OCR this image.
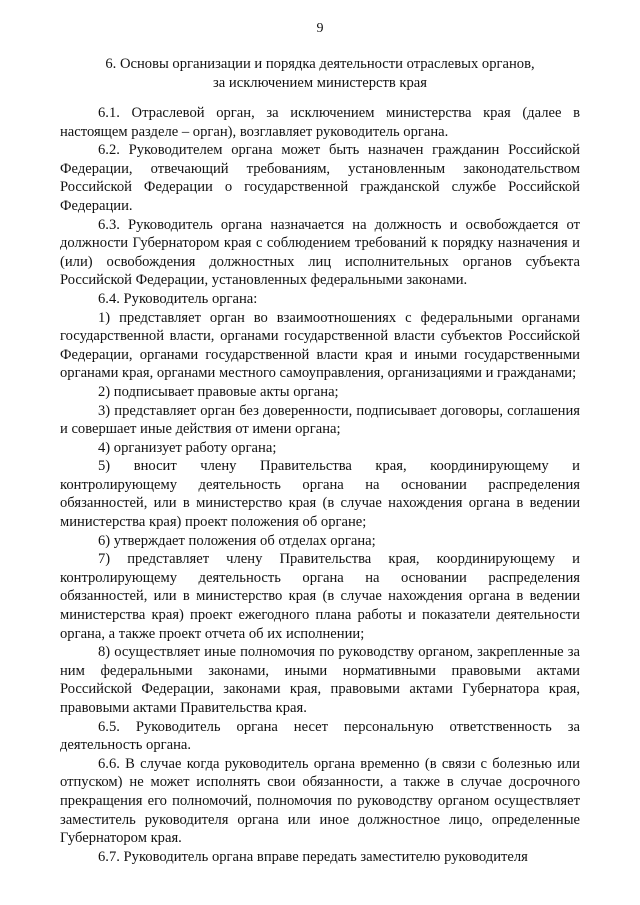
9
6. Основы организации и порядка деятельности отраслевых органов,
за исключением министерств края

6.1. Отраслевой орган, за исключением министерства края (далее в настоящем разделе – орган), возглавляет руководитель органа.

6.2. Руководителем органа может быть назначен гражданин Российской Федерации, отвечающий требованиям, установленным законодательством Российской Федерации о государственной гражданской службе Российской Федерации.

6.3. Руководитель органа назначается на должность и освобождается от должности Губернатором края с соблюдением требований к порядку назначения и (или) освобождения должностных лиц исполнительных органов субъекта Российской Федерации, установленных федеральными законами.

6.4. Руководитель органа:

1) представляет орган во взаимоотношениях с федеральными органами государственной власти, органами государственной власти субъектов Российской Федерации, органами государственной власти края и иными государственными органами края, органами местного самоуправления, организациями и гражданами;

2) подписывает правовые акты органа;

3) представляет орган без доверенности, подписывает договоры, соглашения и совершает иные действия от имени органа;

4) организует работу органа;

5) вносит члену Правительства края, координирующему и контролирующему деятельность органа на основании распределения обязанностей, или в министерство края (в случае нахождения органа в ведении министерства края) проект положения об органе;

6) утверждает положения об отделах органа;

7) представляет члену Правительства края, координирующему и контролирующему деятельность органа на основании распределения обязанностей, или в министерство края (в случае нахождения органа в ведении министерства края) проект ежегодного плана работы и показатели деятельности органа, а также проект отчета об их исполнении;

8) осуществляет иные полномочия по руководству органом, закрепленные за ним федеральными законами, иными нормативными правовыми актами Российской Федерации, законами края, правовыми актами Губернатора края, правовыми актами Правительства края.

6.5. Руководитель органа несет персональную ответственность за деятельность органа.

6.6. В случае когда руководитель органа временно (в связи с болезнью или отпуском) не может исполнять свои обязанности, а также в случае досрочного прекращения его полномочий, полномочия по руководству органом осуществляет заместитель руководителя органа или иное должностное лицо, определенные Губернатором края.

6.7. Руководитель органа вправе передать заместителю руководителя
